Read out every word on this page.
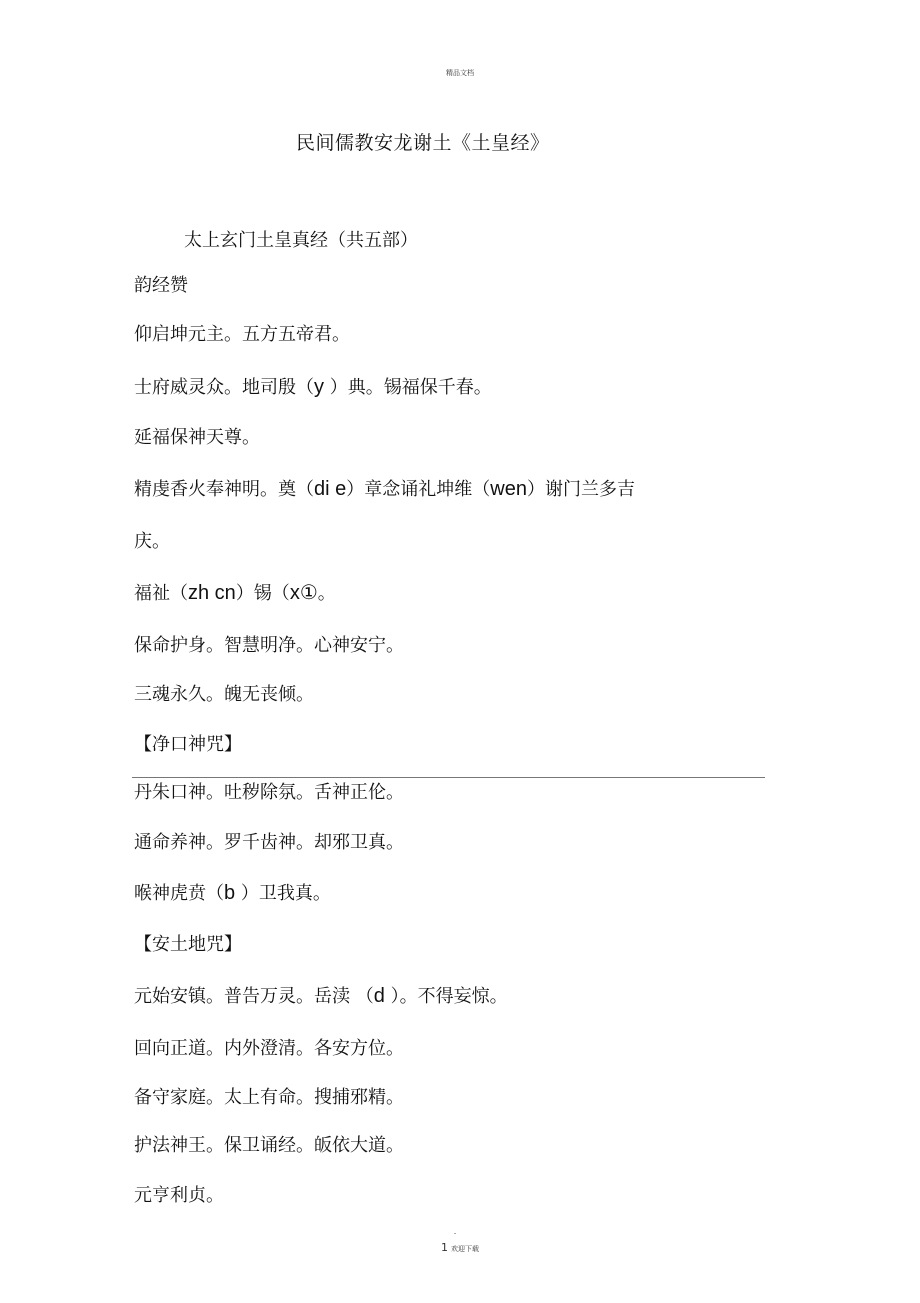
精品文档
民间儒教安龙谢土《土皇经》
太上玄门土皇真经（共五部）
韵经赞
仰启坤元主。五方五帝君。
士府威灵众。地司殷（y ）典。锡福保千春。
延福保神天尊。
精虔香火奉神明。奠（di e）章念诵礼坤维（wen）谢门兰多吉
庆。
福祉（zh cn）锡（x①。
保命护身。智慧明净。心神安宁。
三魂永久。魄无丧倾。
【净口神咒】
丹朱口神。吐秽除氛。舌神正伦。
通命养神。罗千齿神。却邪卫真。
喉神虎贲（b ）卫我真。
【安土地咒】
元始安镇。普告万灵。岳渎 （d ）。不得妄惊。
回向正道。内外澄清。各安方位。
备守家庭。太上有命。搜捕邪精。
护法神王。保卫诵经。皈依大道。
元亨利贞。
.
1 欢迎下载
